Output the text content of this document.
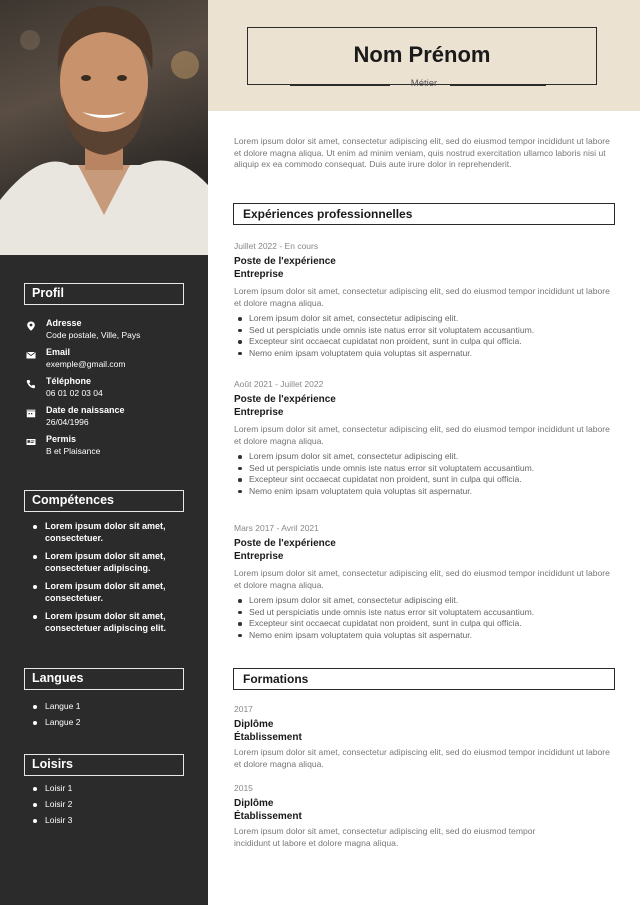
Profil
Adresse
Code postale, Ville, Pays
Email
exemple@gmail.com
Téléphone
06 01 02 03 04
Date de naissance
26/04/1996
Permis
B et Plaisance
Compétences
Lorem ipsum dolor sit amet, consectetuer.
Lorem ipsum dolor sit amet, consectetuer adipiscing.
Lorem ipsum dolor sit amet, consectetuer.
Lorem ipsum dolor sit amet, consectetuer adipiscing elit.
Langues
Langue 1
Langue 2
Loisirs
Loisir 1
Loisir 2
Loisir 3
Nom Prénom
Métier
Lorem ipsum dolor sit amet, consectetur adipiscing elit, sed do eiusmod tempor incididunt ut labore et dolore magna aliqua. Ut enim ad minim veniam, quis nostrud exercitation ullamco laboris nisi ut aliquip ex ea commodo consequat. Duis aute irure dolor in reprehenderit.
Expériences professionnelles
Juillet 2022 - En cours
Poste de l'expérience
Entreprise
Lorem ipsum dolor sit amet, consectetur adipiscing elit, sed do eiusmod tempor incididunt ut labore et dolore magna aliqua.
Lorem ipsum dolor sit amet, consectetur adipiscing elit.
Sed ut perspiciatis unde omnis iste natus error sit voluptatem accusantium.
Excepteur sint occaecat cupidatat non proident, sunt in culpa qui officia.
Nemo enim ipsam voluptatem quia voluptas sit aspernatur.
Août 2021 - Juillet 2022
Poste de l'expérience
Entreprise
Lorem ipsum dolor sit amet, consectetur adipiscing elit, sed do eiusmod tempor incididunt ut labore et dolore magna aliqua.
Lorem ipsum dolor sit amet, consectetur adipiscing elit.
Sed ut perspiciatis unde omnis iste natus error sit voluptatem accusantium.
Excepteur sint occaecat cupidatat non proident, sunt in culpa qui officia.
Nemo enim ipsam voluptatem quia voluptas sit aspernatur.
Mars 2017 - Avril 2021
Poste de l'expérience
Entreprise
Lorem ipsum dolor sit amet, consectetur adipiscing elit, sed do eiusmod tempor incididunt ut labore et dolore magna aliqua.
Lorem ipsum dolor sit amet, consectetur adipiscing elit.
Sed ut perspiciatis unde omnis iste natus error sit voluptatem accusantium.
Excepteur sint occaecat cupidatat non proident, sunt in culpa qui officia.
Nemo enim ipsam voluptatem quia voluptas sit aspernatur.
Formations
2017
Diplôme
Établissement
Lorem ipsum dolor sit amet, consectetur adipiscing elit, sed do eiusmod tempor incididunt ut labore et dolore magna aliqua.
2015
Diplôme
Établissement
Lorem ipsum dolor sit amet, consectetur adipiscing elit, sed do eiusmod tempor incididunt ut labore et dolore magna aliqua.
